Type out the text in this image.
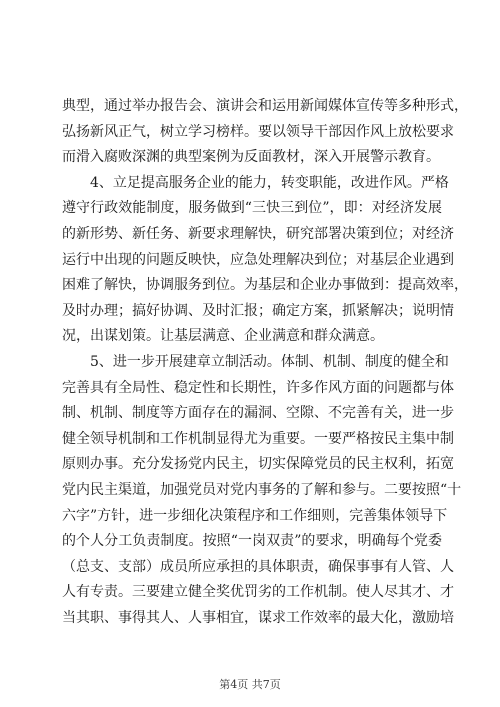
典型，通过举办报告会、演讲会和运用新闻媒体宣传等多种形式，
弘扬新风正气，树立学习榜样。要以领导干部因作风上放松要求
而滑入腐败深渊的典型案例为反面教材，深入开展警示教育。
4、立足提高服务企业的能力，转变职能，改进作风。严格
遵守行政效能制度，服务做到“三快三到位”，即：对经济发展
的新形势、新任务、新要求理解快，研究部署决策到位；对经济
运行中出现的问题反映快，应急处理解决到位；对基层企业遇到
困难了解快，协调服务到位。为基层和企业办事做到：提高效率，
及时办理；搞好协调、及时汇报；确定方案，抓紧解决；说明情
况，出谋划策。让基层满意、企业满意和群众满意。
5、进一步开展建章立制活动。体制、机制、制度的健全和
完善具有全局性、稳定性和长期性，许多作风方面的问题都与体
制、机制、制度等方面存在的漏洞、空隙、不完善有关，进一步
健全领导机制和工作机制显得尤为重要。一要严格按民主集中制
原则办事。充分发扬党内民主，切实保障党员的民主权利，拓宽
党内民主渠道，加强党员对党内事务的了解和参与。二要按照“十
六字”方针，进一步细化决策程序和工作细则，完善集体领导下
的个人分工负责制度。按照“一岗双责”的要求，明确每个党委
（总支、支部）成员所应承担的具体职责，确保事事有人管、人
人有专责。三要建立健全奖优罚劣的工作机制。使人尽其才、才
当其职、事得其人、人事相宜，谋求工作效率的最大化，激励培
第4页 共7页
